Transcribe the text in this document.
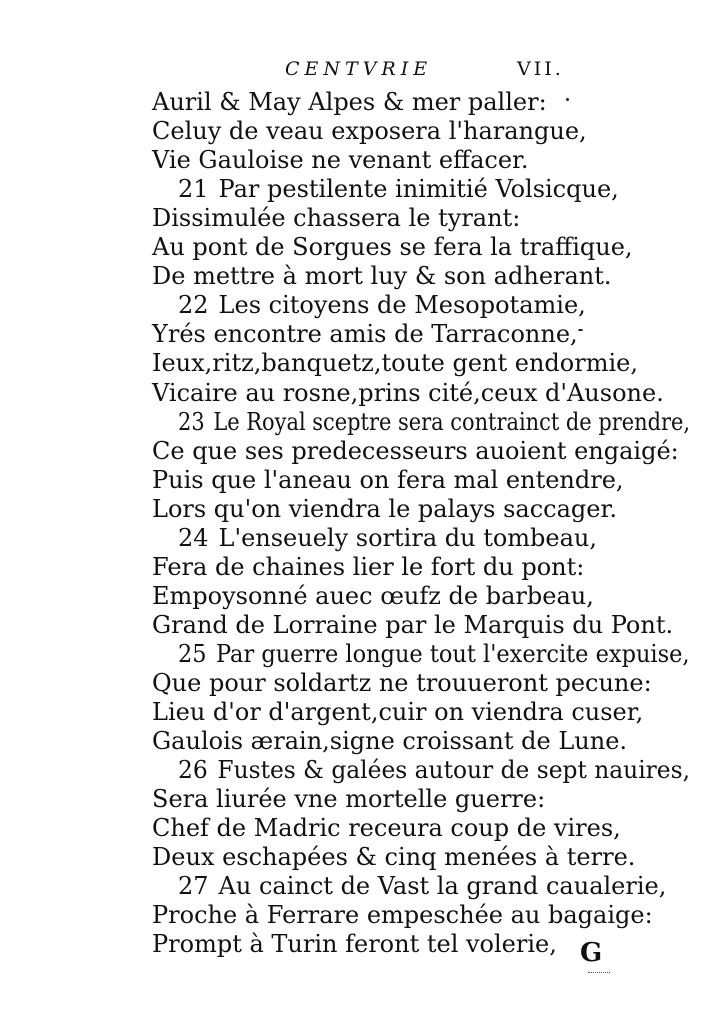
CENTVRIE	VII.
Auril & May Alpes & mer paller:
Celuy de veau exposera l'harangue,
Vie Gauloise ne venant effacer.
21 Par pestilente inimitié Volsicque,
Dissimulée chassera le tyrant:
Au pont de Sorgues se fera la traffique,
De mettre à mort luy & son adherant.
22 Les citoyens de Mesopotamie,
Yrés encontre amis de Tarraconne,
Ieux,ritz,banquetz,toute gent endormie,
Vicaire au rosne,prins cité,ceux d'Ausone.
23 Le Royal sceptre sera contrainct de prendre,
Ce que ses predecesseurs auoient engaigé:
Puis que l'aneau on fera mal entendre,
Lors qu'on viendra le palays saccager.
24 L'enseuely sortira du tombeau,
Fera de chaines lier le fort du pont:
Empoysonné auec œufz de barbeau,
Grand de Lorraine par le Marquis du Pont.
25 Par guerre longue tout l'exercite expuise,
Que pour soldartz ne trouueront pecune:
Lieu d'or d'argent,cuir on viendra cuser,
Gaulois ærain,signe croissant de Lune.
26 Fustes & galées autour de sept nauires,
Sera liurée vne mortelle guerre:
Chef de Madric receura coup de vires,
Deux eschapées & cinq menées à terre.
27 Au cainct de Vast la grand caualerie,
Proche à Ferrare empeschée au bagaige:
Prompt à Turin feront tel volerie, G
